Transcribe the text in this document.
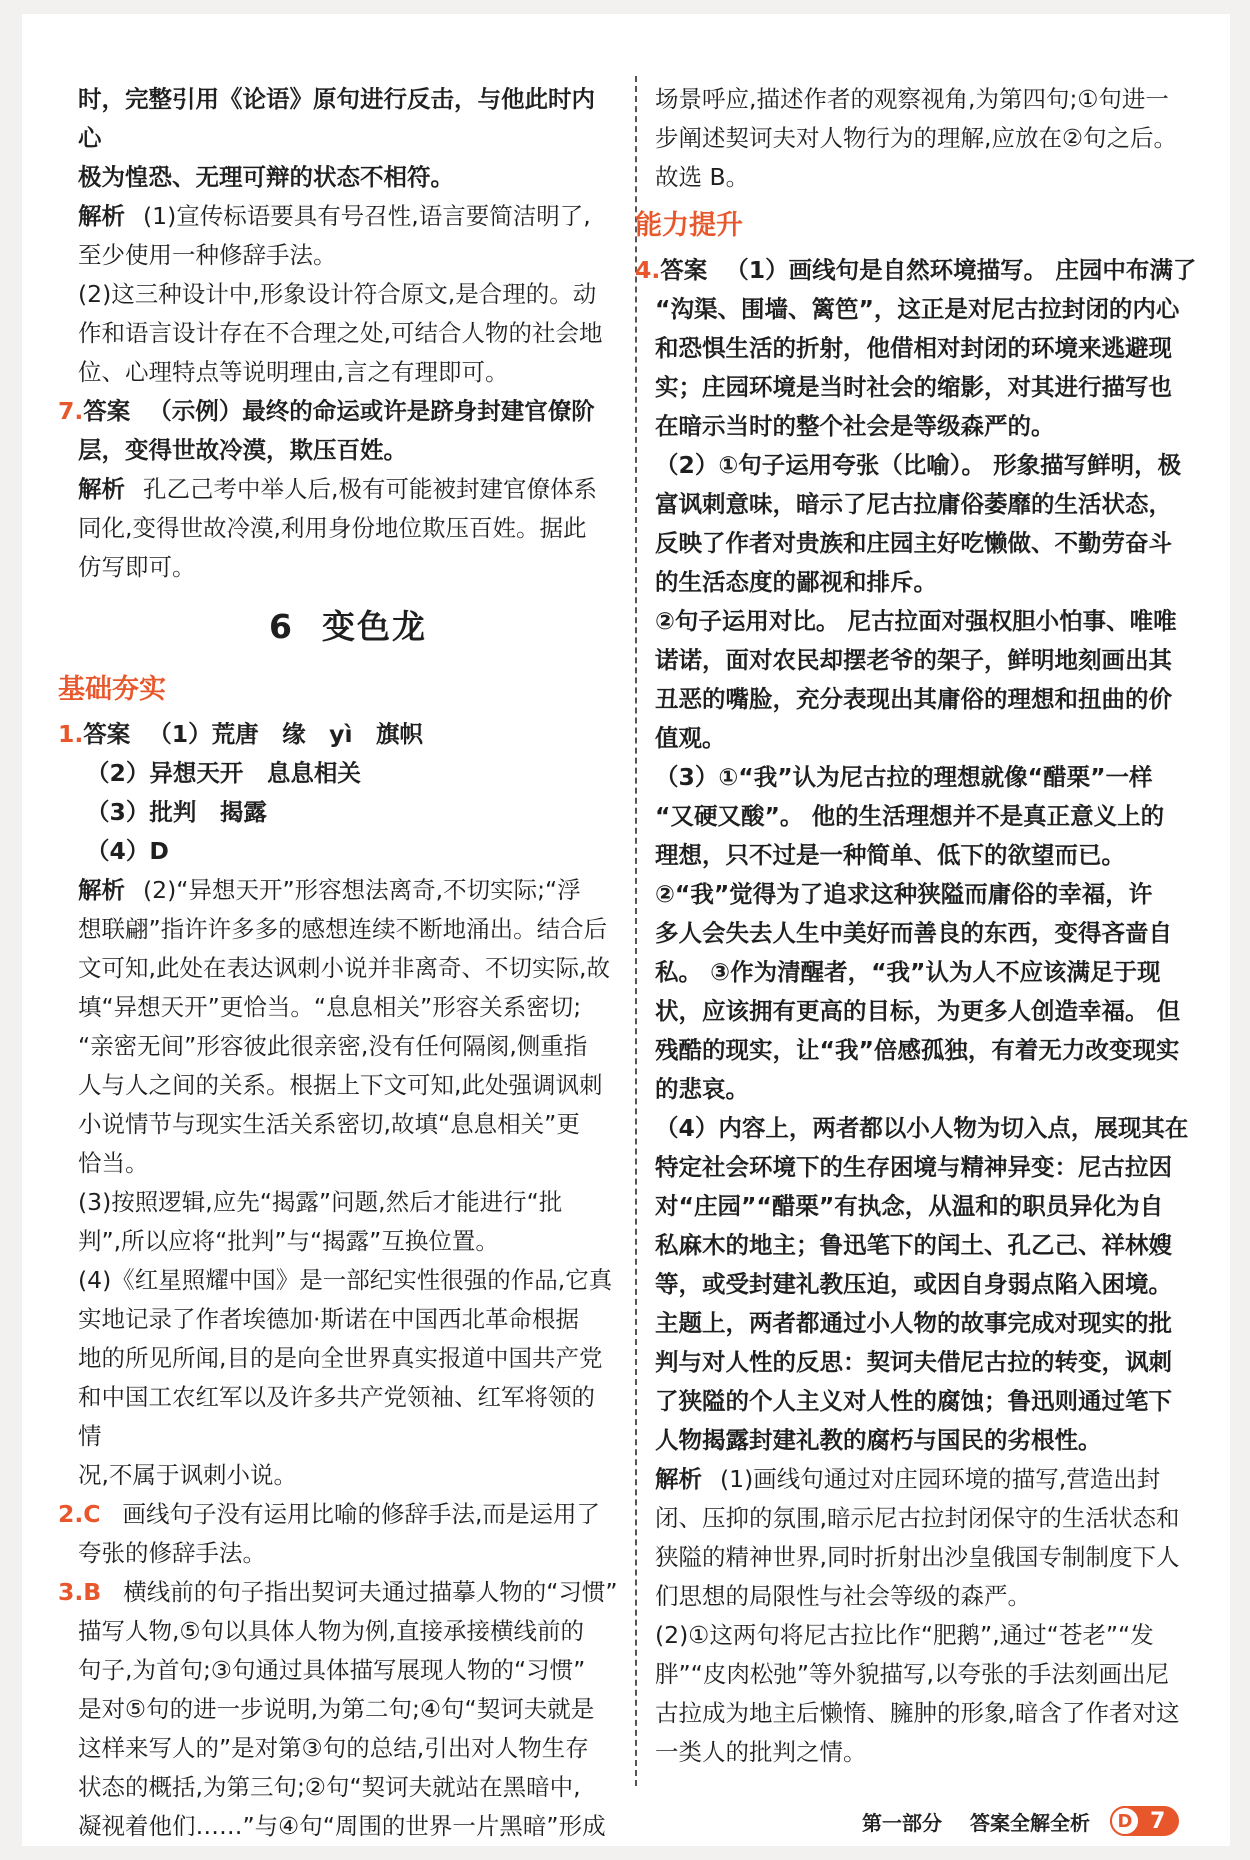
时，完整引用《论语》原句进行反击，与他此时内心

极为惶恐、无理可辩的状态不相符。

解析 (1)宣传标语要具有号召性,语言要简洁明了,

至少使用一种修辞手法。

(2)这三种设计中,形象设计符合原文,是合理的。动

作和语言设计存在不合理之处,可结合人物的社会地

位、心理特点等说明理由,言之有理即可。

7.答案 （示例）最终的命运或许是跻身封建官僚阶

层，变得世故冷漠，欺压百姓。

解析 孔乙己考中举人后,极有可能被封建官僚体系

同化,变得世故冷漠,利用身份地位欺压百姓。据此

仿写即可。

6 变色龙
基础夯实

1.答案 （1）荒唐　缘　yì　旗帜

（2）异想天开　息息相关

（3）批判　揭露

（4）D

解析 (2)“异想天开”形容想法离奇,不切实际;“浮

想联翩”指许许多多的感想连续不断地涌出。结合后

文可知,此处在表达讽刺小说并非离奇、不切实际,故

填“异想天开”更恰当。“息息相关”形容关系密切;

“亲密无间”形容彼此很亲密,没有任何隔阂,侧重指

人与人之间的关系。根据上下文可知,此处强调讽刺

小说情节与现实生活关系密切,故填“息息相关”更

恰当。

(3)按照逻辑,应先“揭露”问题,然后才能进行“批

判”,所以应将“批判”与“揭露”互换位置。

(4)《红星照耀中国》是一部纪实性很强的作品,它真

实地记录了作者埃德加·斯诺在中国西北革命根据

地的所见所闻,目的是向全世界真实报道中国共产党

和中国工农红军以及许多共产党领袖、红军将领的情

况,不属于讽刺小说。

2.C 画线句子没有运用比喻的修辞手法,而是运用了

夸张的修辞手法。

3.B 横线前的句子指出契诃夫通过描摹人物的“习惯”

描写人物,⑤句以具体人物为例,直接承接横线前的

句子,为首句;③句通过具体描写展现人物的“习惯”

是对⑤句的进一步说明,为第二句;④句“契诃夫就是

这样来写人的”是对第③句的总结,引出对人物生存

状态的概括,为第三句;②句“契诃夫就站在黑暗中,

凝视着他们……”与④句“周围的世界一片黑暗”形成

场景呼应,描述作者的观察视角,为第四句;①句进一

步阐述契诃夫对人物行为的理解,应放在②句之后。

故选 B。

能力提升

4.答案 （1）画线句是自然环境描写。 庄园中布满了

“沟渠、围墙、篱笆”，这正是对尼古拉封闭的内心

和恐惧生活的折射，他借相对封闭的环境来逃避现

实；庄园环境是当时社会的缩影，对其进行描写也

在暗示当时的整个社会是等级森严的。

（2）①句子运用夸张（比喻）。 形象描写鲜明，极

富讽刺意味，暗示了尼古拉庸俗萎靡的生活状态，

反映了作者对贵族和庄园主好吃懒做、不勤劳奋斗

的生活态度的鄙视和排斥。

②句子运用对比。 尼古拉面对强权胆小怕事、唯唯

诺诺，面对农民却摆老爷的架子，鲜明地刻画出其

丑恶的嘴脸，充分表现出其庸俗的理想和扭曲的价

值观。

（3）①“我”认为尼古拉的理想就像“醋栗”一样

“又硬又酸”。 他的生活理想并不是真正意义上的

理想，只不过是一种简单、低下的欲望而已。

②“我”觉得为了追求这种狭隘而庸俗的幸福，许

多人会失去人生中美好而善良的东西，变得吝啬自

私。 ③作为清醒者，“我”认为人不应该满足于现

状，应该拥有更高的目标，为更多人创造幸福。 但

残酷的现实，让“我”倍感孤独，有着无力改变现实

的悲哀。

（4）内容上，两者都以小人物为切入点，展现其在

特定社会环境下的生存困境与精神异变：尼古拉因

对“庄园”“醋栗”有执念，从温和的职员异化为自

私麻木的地主；鲁迅笔下的闰土、孔乙己、祥林嫂

等，或受封建礼教压迫，或因自身弱点陷入困境。

主题上，两者都通过小人物的故事完成对现实的批

判与对人性的反思：契诃夫借尼古拉的转变，讽刺

了狭隘的个人主义对人性的腐蚀；鲁迅则通过笔下

人物揭露封建礼教的腐朽与国民的劣根性。

解析 (1)画线句通过对庄园环境的描写,营造出封

闭、压抑的氛围,暗示尼古拉封闭保守的生活状态和

狭隘的精神世界,同时折射出沙皇俄国专制制度下人

们思想的局限性与社会等级的森严。

(2)①这两句将尼古拉比作“肥鹅”,通过“苍老”“发

胖”“皮肉松弛”等外貌描写,以夸张的手法刻画出尼

古拉成为地主后懒惰、臃肿的形象,暗含了作者对这

一类人的批判之情。

第一部分 答案全解全析	D 7
